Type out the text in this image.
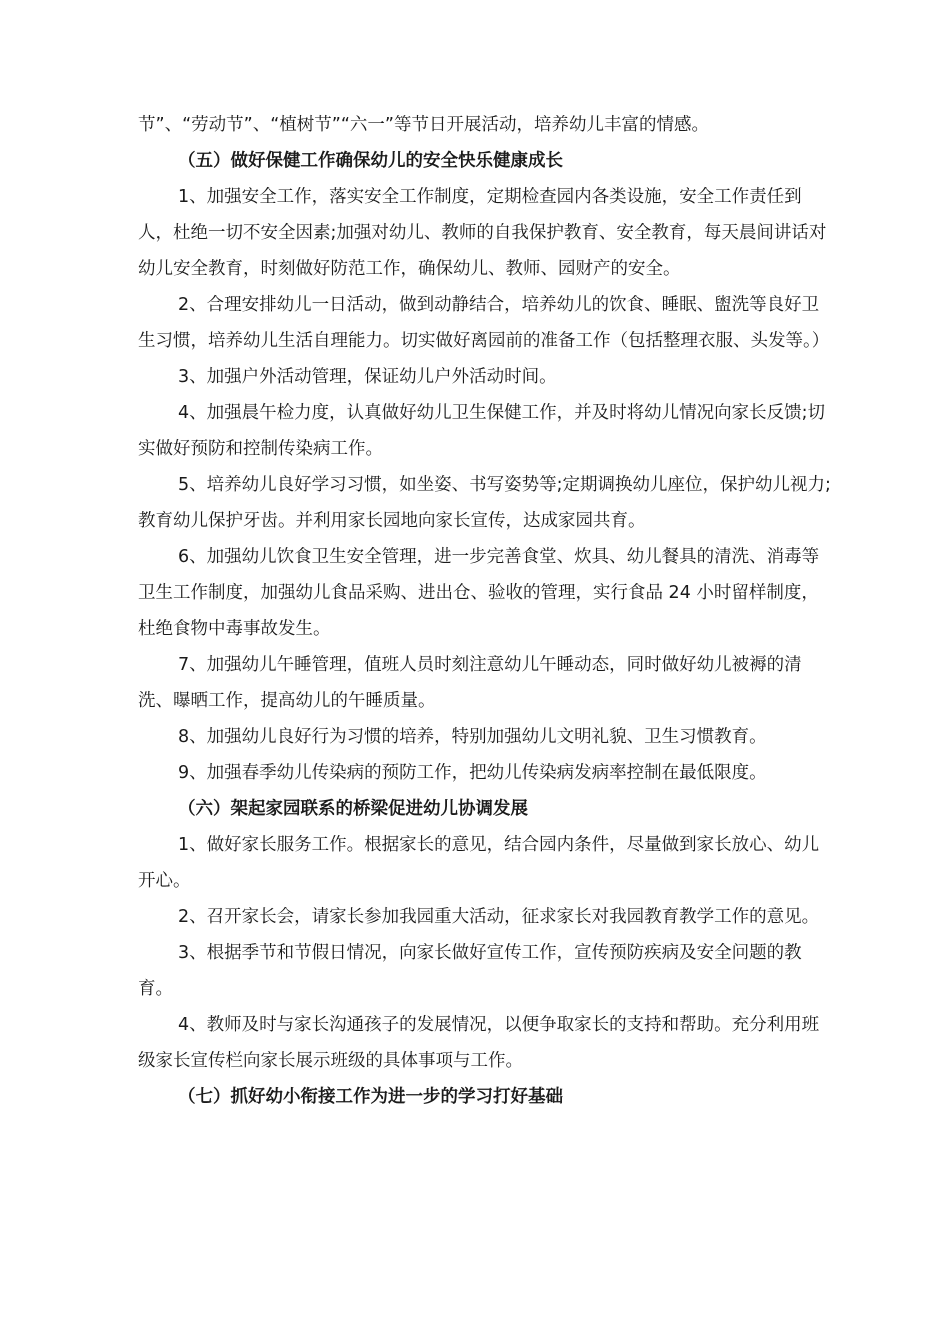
节”、“劳动节”、“植树节”“六一”等节日开展活动，培养幼儿丰富的情感。

（五）做好保健工作确保幼儿的安全快乐健康成长

1、加强安全工作，落实安全工作制度，定期检查园内各类设施，安全工作责任到人，杜绝一切不安全因素;加强对幼儿、教师的自我保护教育、安全教育，每天晨间讲话对幼儿安全教育，时刻做好防范工作，确保幼儿、教师、园财产的安全。

2、合理安排幼儿一日活动，做到动静结合，培养幼儿的饮食、睡眠、盥洗等良好卫生习惯，培养幼儿生活自理能力。切实做好离园前的准备工作（包括整理衣服、头发等。）

3、加强户外活动管理，保证幼儿户外活动时间。

4、加强晨午检力度，认真做好幼儿卫生保健工作，并及时将幼儿情况向家长反馈;切实做好预防和控制传染病工作。

5、培养幼儿良好学习习惯，如坐姿、书写姿势等;定期调换幼儿座位，保护幼儿视力;教育幼儿保护牙齿。并利用家长园地向家长宣传，达成家园共育。

6、加强幼儿饮食卫生安全管理，进一步完善食堂、炊具、幼儿餐具的清洗、消毒等卫生工作制度，加强幼儿食品采购、进出仓、验收的管理，实行食品 24 小时留样制度，杜绝食物中毒事故发生。

7、加强幼儿午睡管理，值班人员时刻注意幼儿午睡动态，同时做好幼儿被褥的清洗、曝晒工作，提高幼儿的午睡质量。

8、加强幼儿良好行为习惯的培养，特别加强幼儿文明礼貌、卫生习惯教育。

9、加强春季幼儿传染病的预防工作，把幼儿传染病发病率控制在最低限度。

（六）架起家园联系的桥梁促进幼儿协调发展

1、做好家长服务工作。根据家长的意见，结合园内条件，尽量做到家长放心、幼儿开心。

2、召开家长会，请家长参加我园重大活动，征求家长对我园教育教学工作的意见。

3、根据季节和节假日情况，向家长做好宣传工作，宣传预防疾病及安全问题的教育。

4、教师及时与家长沟通孩子的发展情况，以便争取家长的支持和帮助。充分利用班级家长宣传栏向家长展示班级的具体事项与工作。

（七）抓好幼小衔接工作为进一步的学习打好基础
